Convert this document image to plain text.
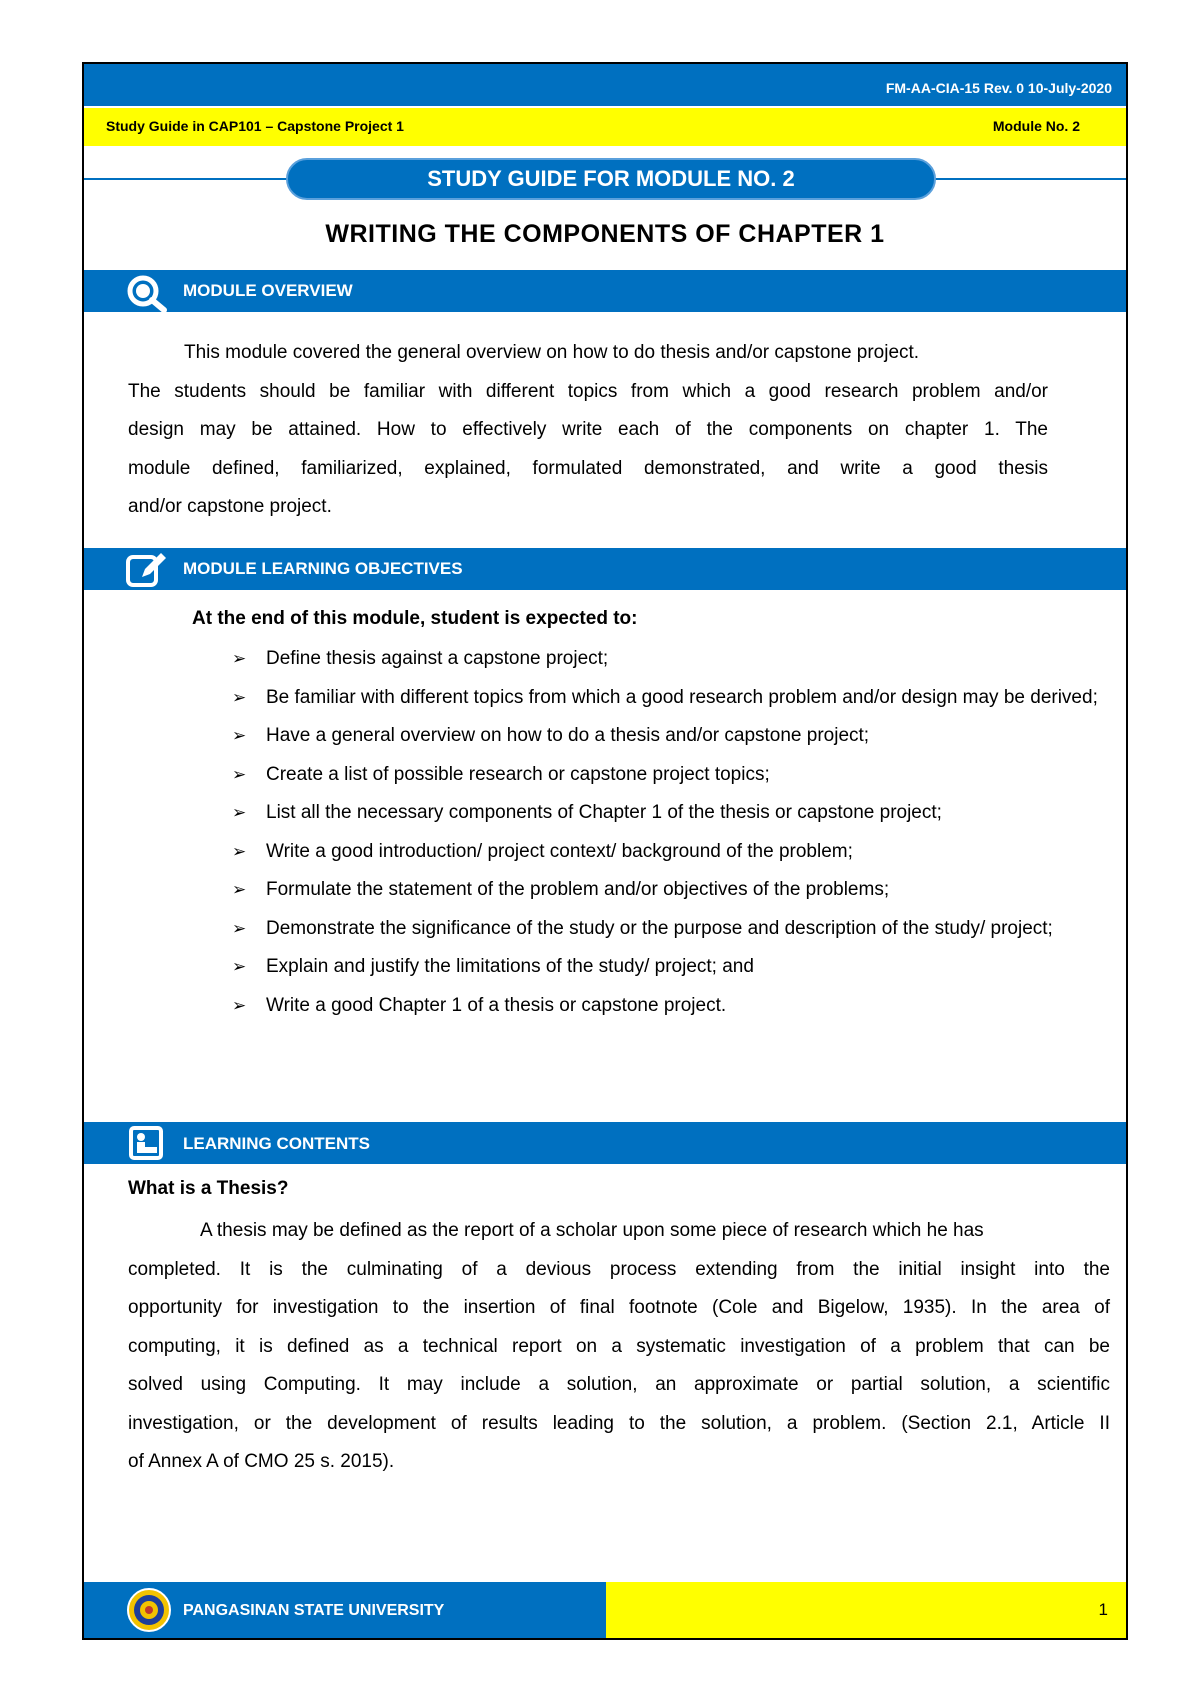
FM-AA-CIA-15 Rev. 0 10-July-2020
Study Guide in CAP101 – Capstone Project 1	Module No. 2
STUDY GUIDE FOR MODULE NO. 2
WRITING THE COMPONENTS OF CHAPTER 1
MODULE OVERVIEW
This module covered the general overview on how to do thesis and/or capstone project.
The students should be familiar with different topics from which a good research problem and/or
design may be attained. How to effectively write each of the components on chapter 1. The
module defined, familiarized, explained, formulated demonstrated, and write a good thesis
and/or capstone project.
MODULE LEARNING OBJECTIVES
At the end of this module, student is expected to:
➢ Define thesis against a capstone project;
➢ Be familiar with different topics from which a good research problem and/or design may be derived;
➢ Have a general overview on how to do a thesis and/or capstone project;
➢ Create a list of possible research or capstone project topics;
➢ List all the necessary components of Chapter 1 of the thesis or capstone project;
➢ Write a good introduction/ project context/ background of the problem;
➢ Formulate the statement of the problem and/or objectives of the problems;
➢ Demonstrate the significance of the study or the purpose and description of the study/ project;
➢ Explain and justify the limitations of the study/ project; and
➢ Write a good Chapter 1 of a thesis or capstone project.
LEARNING CONTENTS
What is a Thesis?
A thesis may be defined as the report of a scholar upon some piece of research which he has
completed. It is the culminating of a devious process extending from the initial insight into the
opportunity for investigation to the insertion of final footnote (Cole and Bigelow, 1935). In the area of
computing, it is defined as a technical report on a systematic investigation of a problem that can be
solved using Computing. It may include a solution, an approximate or partial solution, a scientific
investigation, or the development of results leading to the solution, a problem. (Section 2.1, Article II
of Annex A of CMO 25 s. 2015).
PANGASINAN STATE UNIVERSITY	1
